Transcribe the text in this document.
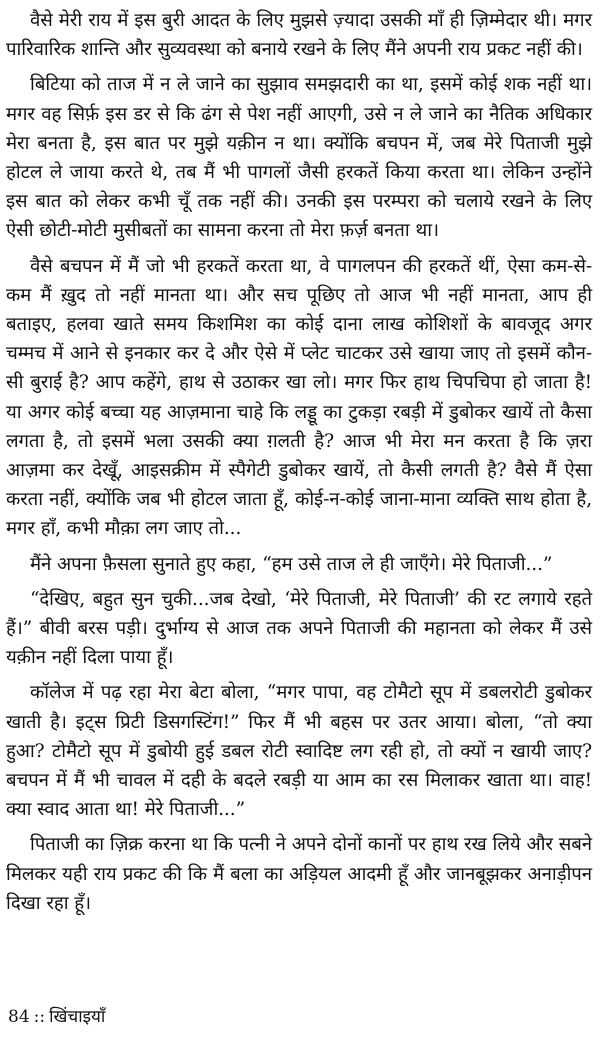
वैसे मेरी राय में इस बुरी आदत के लिए मुझसे ज़्यादा उसकी माँ ही ज़िम्मेदार थी। मगर पारिवारिक शान्ति और सुव्यवस्था को बनाये रखने के लिए मैंने अपनी राय प्रकट नहीं की।

बिटिया को ताज में न ले जाने का सुझाव समझदारी का था, इसमें कोई शक नहीं था। मगर वह सिर्फ़ इस डर से कि ढंग से पेश नहीं आएगी, उसे न ले जाने का नैतिक अधिकार मेरा बनता है, इस बात पर मुझे यक़ीन न था। क्योंकि बचपन में, जब मेरे पिताजी मुझे होटल ले जाया करते थे, तब मैं भी पागलों जैसी हरकतें किया करता था। लेकिन उन्होंने इस बात को लेकर कभी चूँ तक नहीं की। उनकी इस परम्परा को चलाये रखने के लिए ऐसी छोटी-मोटी मुसीबतों का सामना करना तो मेरा फ़र्ज़ बनता था।

वैसे बचपन में मैं जो भी हरकतें करता था, वे पागलपन की हरकतें थीं, ऐसा कम-से-कम मैं ख़ुद तो नहीं मानता था। और सच पूछिए तो आज भी नहीं मानता, आप ही बताइए, हलवा खाते समय किशमिश का कोई दाना लाख कोशिशों के बावजूद अगर चम्मच में आने से इनकार कर दे और ऐसे में प्लेट चाटकर उसे खाया जाए तो इसमें कौन-सी बुराई है? आप कहेंगे, हाथ से उठाकर खा लो। मगर फिर हाथ चिपचिपा हो जाता है! या अगर कोई बच्चा यह आज़माना चाहे कि लड्डू का टुकड़ा रबड़ी में डुबोकर खायें तो कैसा लगता है, तो इसमें भला उसकी क्या ग़लती है? आज भी मेरा मन करता है कि ज़रा आज़मा कर देखूँ, आइसक्रीम में स्पैगेटी डुबोकर खायें, तो कैसी लगती है? वैसे मैं ऐसा करता नहीं, क्योंकि जब भी होटल जाता हूँ, कोई-न-कोई जाना-माना व्यक्ति साथ होता है, मगर हाँ, कभी मौक़ा लग जाए तो...

मैंने अपना फ़ैसला सुनाते हुए कहा, “हम उसे ताज ले ही जाएँगे। मेरे पिताजी...”

“देखिए, बहुत सुन चुकी...जब देखो, ‘मेरे पिताजी, मेरे पिताजी’ की रट लगाये रहते हैं।” बीवी बरस पड़ी। दुर्भाग्य से आज तक अपने पिताजी की महानता को लेकर मैं उसे यक़ीन नहीं दिला पाया हूँ।

कॉलेज में पढ़ रहा मेरा बेटा बोला, “मगर पापा, वह टोमैटो सूप में डबलरोटी डुबोकर खाती है। इट्स प्रिटी डिसगस्टिंग!” फिर मैं भी बहस पर उतर आया। बोला, “तो क्या हुआ? टोमैटो सूप में डुबोयी हुई डबल रोटी स्वादिष्ट लग रही हो, तो क्यों न खायी जाए? बचपन में मैं भी चावल में दही के बदले रबड़ी या आम का रस मिलाकर खाता था। वाह! क्या स्वाद आता था! मेरे पिताजी...”

पिताजी का ज़िक्र करना था कि पत्नी ने अपने दोनों कानों पर हाथ रख लिये और सबने मिलकर यही राय प्रकट की कि मैं बला का अड़ियल आदमी हूँ और जानबूझकर अनाड़ीपन दिखा रहा हूँ।

84 :: खिंचाइयाँ
